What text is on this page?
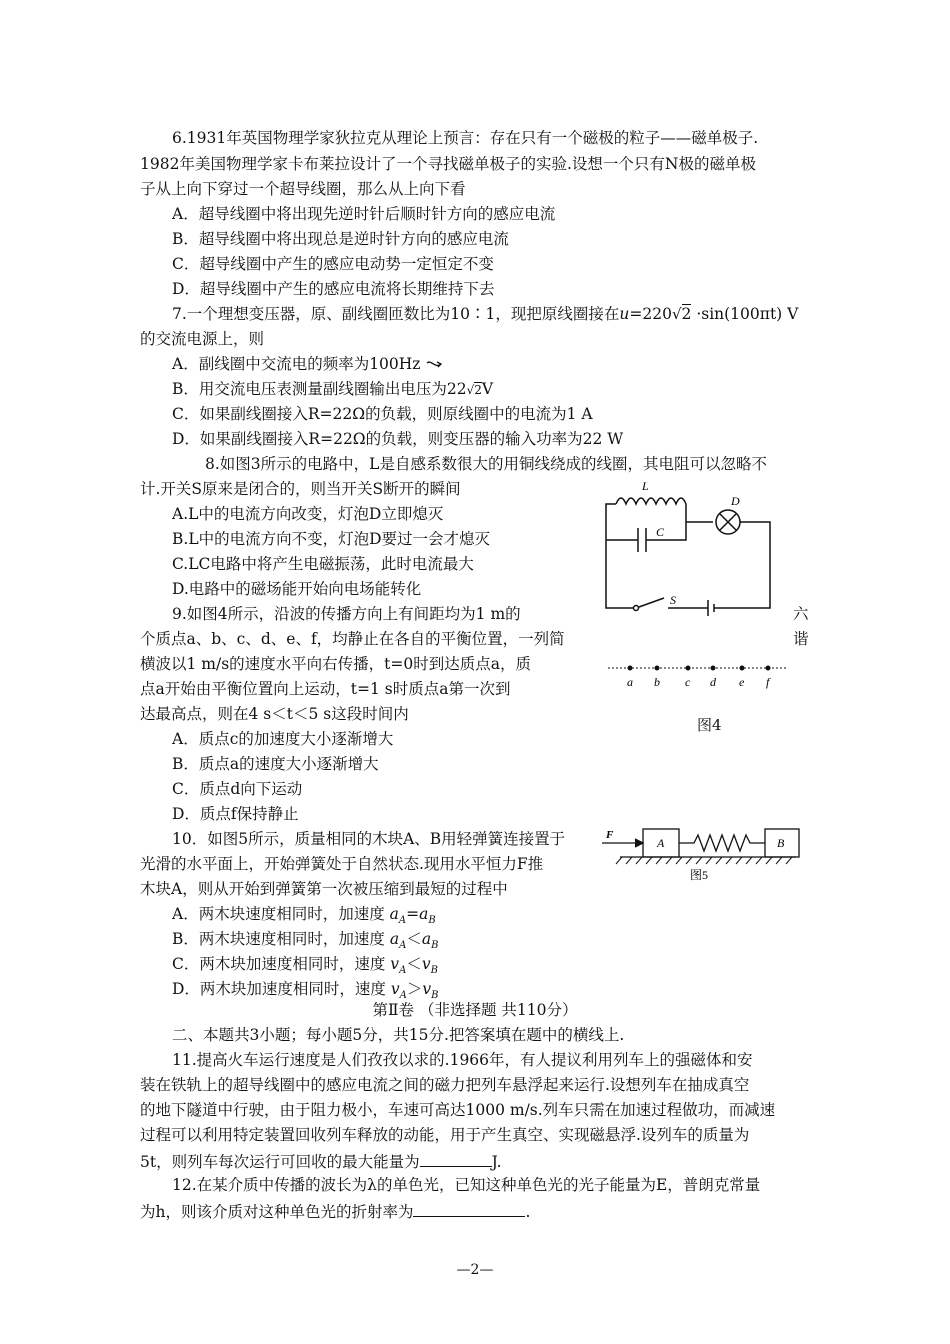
6.1931年英国物理学家狄拉克从理论上预言：存在只有一个磁极的粒子——磁单极子.
1982年美国物理学家卡布莱拉设计了一个寻找磁单极子的实验.设想一个只有N极的磁单极
子从上向下穿过一个超导线圈，那么从上向下看
A．超导线圈中将出现先逆时针后顺时针方向的感应电流
B．超导线圈中将出现总是逆时针方向的感应电流
C．超导线圈中产生的感应电动势一定恒定不变
D．超导线圈中产生的感应电流将长期维持下去
7.一个理想变压器，原、副线圈匝数比为10∶1，现把原线圈接在u=220√2 ·sin(100πt) V
的交流电源上，则
A．副线圈中交流电的频率为100Hz
B．用交流电压表测量副线圈输出电压为22√2V
C．如果副线圈接入R=22Ω的负载，则原线圈中的电流为1 A
D．如果副线圈接入R=22Ω的负载，则变压器的输入功率为22 W
8.如图3所示的电路中，L是自感系数很大的用铜线绕成的线圈，其电阻可以忽略不
计.开关S原来是闭合的，则当开关S断开的瞬间
A.L中的电流方向改变，灯泡D立即熄灭
B.L中的电流方向不变，灯泡D要过一会才熄灭
C.LC电路中将产生电磁振荡，此时电流最大
D.电路中的磁场能开始向电场能转化
L
C
D
S
六
谐
9.如图4所示，沿波的传播方向上有间距均为1 m的
个质点a、b、c、d、e、f，均静止在各自的平衡位置，一列简
横波以1 m/s的速度水平向右传播，t=0时到达质点a，质
点a开始由平衡位置向上运动，t=1 s时质点a第一次到
达最高点，则在4 s＜t＜5 s这段时间内
A．质点c的加速度大小逐渐增大
B．质点a的速度大小逐渐增大
C．质点d向下运动
D．质点f保持静止
a b c d e f
图4
10．如图5所示，质量相同的木块A、B用轻弹簧连接置于
光滑的水平面上，开始弹簧处于自然状态.现用水平恒力F推
木块A，则从开始到弹簧第一次被压缩到最短的过程中
A．两木块速度相同时，加速度 $a_A=a_B$
B．两木块速度相同时，加速度 $a_A<a_B$
C．两木块加速度相同时，速度 $v_A<v_B$
D．两木块加速度相同时，速度 $v_A>v_B$
F
A	B
图5
第Ⅱ卷 （非选择题 共110分）
二、本题共3小题；每小题5分，共15分.把答案填在题中的横线上.
11.提高火车运行速度是人们孜孜以求的.1966年，有人提议利用列车上的强磁体和安
装在铁轨上的超导线圈中的感应电流之间的磁力把列车悬浮起来运行.设想列车在抽成真空
的地下隧道中行驶，由于阻力极小，车速可高达1000 m/s.列车只需在加速过程做功，而减速
过程可以利用特定装置回收列车释放的动能，用于产生真空、实现磁悬浮.设列车的质量为
5t，则列车每次运行可回收的最大能量为	J.
12.在某介质中传播的波长为λ的单色光，已知这种单色光的光子能量为E，普朗克常量
为h，则该介质对这种单色光的折射率为	.
—2—
